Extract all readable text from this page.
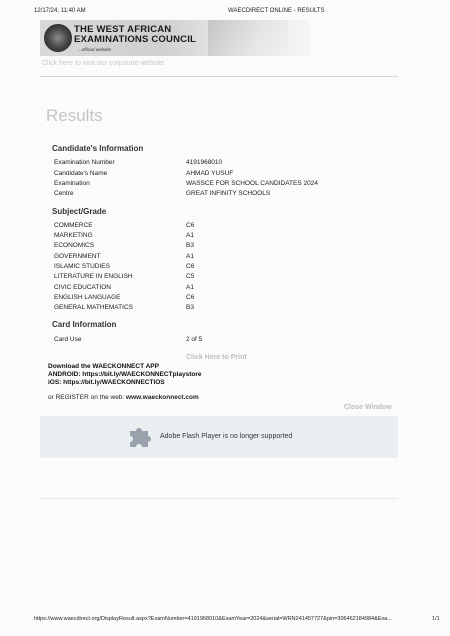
12/17/24, 11:40 AM	WAECDIRECT ONLINE - RESULTS
THE WEST AFRICAN
EXAMINATIONS COUNCIL
...official website
Click here to visit our corporate website
Results
Candidate's Information
Examination Number	4191968010
Candidate's Name	AHMAD YUSUF
Examination	WASSCE FOR SCHOOL CANDIDATES 2024
Centre	GREAT INFINITY SCHOOLS
Subject/Grade
COMMERCE	C6
MARKETING	A1
ECONOMICS	B3
GOVERNMENT	A1
ISLAMIC STUDIES	C6
LITERATURE IN ENGLISH	C5
CIVIC EDUCATION	A1
ENGLISH LANGUAGE	C6
GENERAL MATHEMATICS	B3
Card Information
Card Use	2 of 5
Click Here to Print
Download the WAECKONNECT APP
ANDROID: https://bit.ly/WAECKONNECTplaystore
iOS: https://bit.ly/WAECKONNECTIOS
or REGISTER on the web: www.waeckonnect.com
Close Window
Adobe Flash Player is no longer supported
https://www.waecdirect.org/DisplayResult.aspx?ExamNumber=4191968010&ExamYear=2024&serial=WRN241457727&pin=306462184984&Exa...	1/1
